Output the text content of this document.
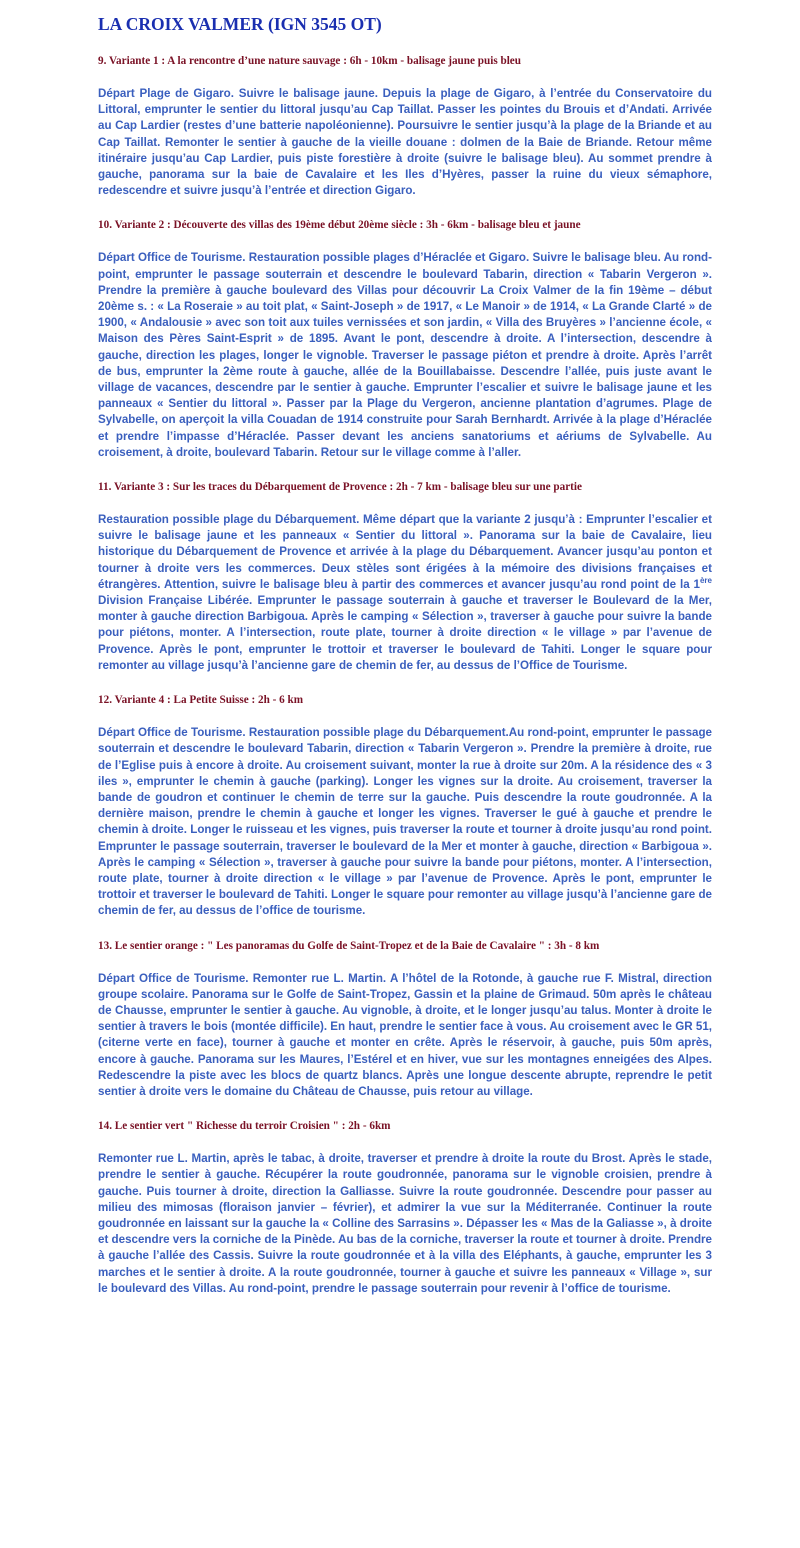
LA CROIX VALMER (IGN 3545 OT)
9. Variante 1 : A la rencontre d’une nature sauvage : 6h - 10km - balisage jaune puis bleu

Départ Plage de Gigaro. Suivre le balisage jaune. Depuis la plage de Gigaro, à l’entrée du Conservatoire du Littoral, emprunter le sentier du littoral jusqu’au Cap Taillat. Passer les pointes du Brouis et d’Andati. Arrivée au Cap Lardier (restes d’une batterie napoléonienne). Poursuivre le sentier jusqu’à la plage de la Briande et au Cap Taillat. Remonter le sentier à gauche de la vieille douane : dolmen de la Baie de Briande. Retour même itinéraire jusqu’au Cap Lardier, puis piste forestière à droite (suivre le balisage bleu). Au sommet prendre à gauche, panorama sur la baie de Cavalaire et les Iles d’Hyères, passer la ruine du vieux sémaphore, redescendre et suivre jusqu’à l’entrée et direction Gigaro.

10. Variante 2 : Découverte des villas des 19ème début 20ème siècle : 3h - 6km - balisage bleu et jaune

Départ Office de Tourisme. Restauration possible plages d’Héraclée et Gigaro. Suivre le balisage bleu. Au rond-point, emprunter le passage souterrain et descendre le boulevard Tabarin, direction « Tabarin Vergeron ». Prendre la première à gauche boulevard des Villas pour découvrir La Croix Valmer de la fin 19ème – début 20ème s. : « La Roseraie » au toit plat, « Saint-Joseph » de 1917, « Le Manoir » de 1914, « La Grande Clarté » de 1900, « Andalousie » avec son toit aux tuiles vernissées et son jardin, « Villa des Bruyères » l’ancienne école, « Maison des Pères Saint-Esprit » de 1895. Avant le pont, descendre à droite. A l’intersection, descendre à gauche, direction les plages, longer le vignoble. Traverser le passage piéton et prendre à droite. Après l’arrêt de bus, emprunter la 2ème route à gauche, allée de la Bouillabaisse. Descendre l’allée, puis juste avant le village de vacances, descendre par le sentier à gauche. Emprunter l’escalier et suivre le balisage jaune et les panneaux « Sentier du littoral ». Passer par la Plage du Vergeron, ancienne plantation d’agrumes. Plage de Sylvabelle, on aperçoit la villa Couadan de 1914 construite pour Sarah Bernhardt. Arrivée à la plage d’Héraclée et prendre l’impasse d’Héraclée. Passer devant les anciens sanatoriums et aériums de Sylvabelle. Au croisement, à droite, boulevard Tabarin. Retour sur le village comme à l’aller.

11. Variante 3 : Sur les traces du Débarquement de Provence : 2h - 7 km - balisage bleu sur une partie

Restauration possible plage du Débarquement. Même départ que la variante 2 jusqu’à : Emprunter l’escalier et suivre le balisage jaune et les panneaux « Sentier du littoral ». Panorama sur la baie de Cavalaire, lieu historique du Débarquement de Provence et arrivée à la plage du Débarquement. Avancer jusqu’au ponton et tourner à droite vers les commerces. Deux stèles sont érigées à la mémoire des divisions françaises et étrangères. Attention, suivre le balisage bleu à partir des commerces et avancer jusqu’au rond point de la 1ère Division Française Libérée. Emprunter le passage souterrain à gauche et traverser le Boulevard de la Mer, monter à gauche direction Barbigoua. Après le camping « Sélection », traverser à gauche pour suivre la bande pour piétons, monter. A l’intersection, route plate, tourner à droite direction « le village » par l’avenue de Provence. Après le pont, emprunter le trottoir et traverser le boulevard de Tahiti. Longer le square pour remonter au village jusqu’à l’ancienne gare de chemin de fer, au dessus de l’Office de Tourisme.

12. Variante 4 : La Petite Suisse : 2h - 6 km

Départ Office de Tourisme. Restauration possible plage du Débarquement.Au rond-point, emprunter le passage souterrain et descendre le boulevard Tabarin, direction « Tabarin Vergeron ». Prendre la première à droite, rue de l’Eglise puis à encore à droite. Au croisement suivant, monter la rue à droite sur 20m. A la résidence des « 3 iles », emprunter le chemin à gauche (parking). Longer les vignes sur la droite. Au croisement, traverser la bande de goudron et continuer le chemin de terre sur la gauche. Puis descendre la route goudronnée. A la dernière maison, prendre le chemin à gauche et longer les vignes. Traverser le gué à gauche et prendre le chemin à droite. Longer le ruisseau et les vignes, puis traverser la route et tourner à droite jusqu’au rond point. Emprunter le passage souterrain, traverser le boulevard de la Mer et monter à gauche, direction « Barbigoua ». Après le camping « Sélection », traverser à gauche pour suivre la bande pour piétons, monter. A l’intersection, route plate, tourner à droite direction « le village » par l’avenue de Provence. Après le pont, emprunter le trottoir et traverser le boulevard de Tahiti. Longer le square pour remonter au village jusqu’à l’ancienne gare de chemin de fer, au dessus de l’office de tourisme.

13. Le sentier orange : " Les panoramas du Golfe de Saint-Tropez et de la Baie de Cavalaire " : 3h - 8 km

Départ Office de Tourisme. Remonter rue L. Martin. A l’hôtel de la Rotonde, à gauche rue F. Mistral, direction groupe scolaire. Panorama sur le Golfe de Saint-Tropez, Gassin et la plaine de Grimaud. 50m après le château de Chausse, emprunter le sentier à gauche. Au vignoble, à droite, et le longer jusqu’au talus. Monter à droite le sentier à travers le bois (montée difficile). En haut, prendre le sentier face à vous. Au croisement avec le GR 51, (citerne verte en face), tourner à gauche et monter en crête. Après le réservoir, à gauche, puis 50m après, encore à gauche. Panorama sur les Maures, l’Estérel et en hiver, vue sur les montagnes enneigées des Alpes. Redescendre la piste avec les blocs de quartz blancs. Après une longue descente abrupte, reprendre le petit sentier à droite vers le domaine du Château de Chausse, puis retour au village.

14. Le sentier vert " Richesse du terroir Croisien " : 2h - 6km

Remonter rue L. Martin, après le tabac, à droite, traverser et prendre à droite la route du Brost. Après le stade, prendre le sentier à gauche. Récupérer la route goudronnée, panorama sur le vignoble croisien, prendre à gauche. Puis tourner à droite, direction la Galliasse. Suivre la route goudronnée. Descendre pour passer au milieu des mimosas (floraison janvier – février), et admirer la vue sur la Méditerranée. Continuer la route goudronnée en laissant sur la gauche la « Colline des Sarrasins ». Dépasser les « Mas de la Galiasse », à droite et descendre vers la corniche de la Pinède. Au bas de la corniche, traverser la route et tourner à droite. Prendre à gauche l’allée des Cassis. Suivre la route goudronnée et à la villa des Eléphants, à gauche, emprunter les 3 marches et le sentier à droite. A la route goudronnée, tourner à gauche et suivre les panneaux « Village », sur le boulevard des Villas. Au rond-point, prendre le passage souterrain pour revenir à l’office de tourisme.
